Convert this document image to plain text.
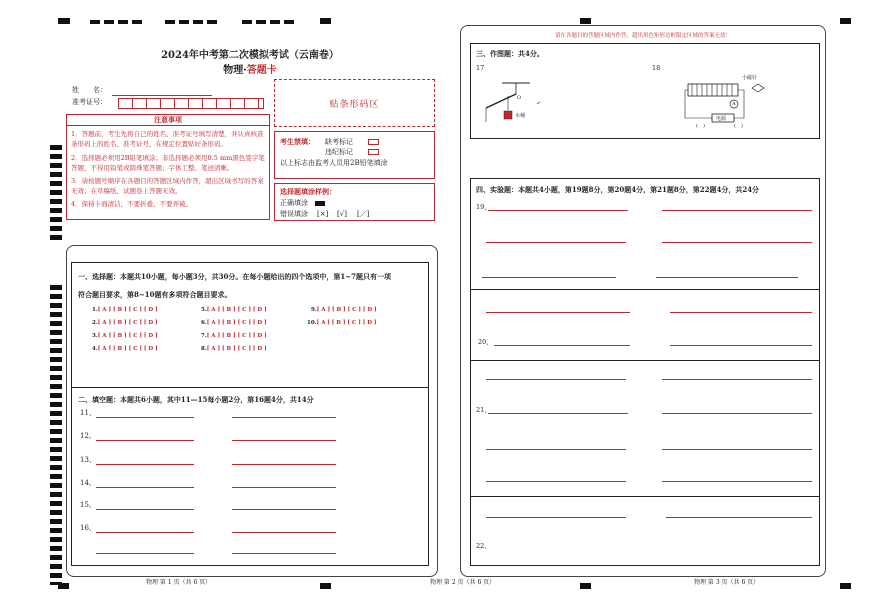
2024年中考第二次模拟考试（云南卷）
物理·答题卡
姓　　名：
准考证号：
注意事项
1．答题前，考生先将自己的姓名、准考证号填写清楚，并认真核准条形码上的姓名、准考证号，在规定位置贴好条形码。
2．选择题必须用2B铅笔填涂；非选择题必须用0.5 mm黑色签字笔答题，不得用铅笔或圆珠笔答题；字体工整、笔迹清晰。
3．请按题号顺序在各题目的答题区域内作答，超出区域书写的答案无效；在草稿纸、试题卷上答题无效。
4．保持卡面清洁，不要折叠、不要弄破。
贴条形码区
考生禁填： 缺考标记
违纪标记
以上标志由监考人员用2B铅笔填涂
选择题填涂样例：
正确填涂
错误填涂 [×] [√] [／]
一、选择题：本题共10小题，每小题3分，共30分。在每小题给出的四个选项中，第1~7题只有一项
符合题目要求，第8~10题有多项符合题目要求。
1.[ A ] [ B ] [ C ] [ D ]
2.[ A ] [ B ] [ C ] [ D ]
3.[ A ] [ B ] [ C ] [ D ]
4.[ A ] [ B ] [ C ] [ D ]
5.[ A ] [ B ] [ C ] [ D ]
6.[ A ] [ B ] [ C ] [ D ]
7.[ A ] [ B ] [ C ] [ D ]
8.[ A ] [ B ] [ C ] [ D ]
9.[ A ] [ B ] [ C ] [ D ]
10.[ A ] [ B ] [ C ] [ D ]
二、填空题：本题共6小题，其中11—15每小题2分，第16题4分，共14分
11、
12、
13、
14、
15、
16、
请在各题目的答题区域内作答，超出黑色矩形边框限定区域的答案无效！
三、作图题：共4分。
17	18
O
水桶
小磁针
A
电源
(　)	(　)
四、实验题：本题共4小题，第19题8分，第20题4分，第21题8分，第22题4分，共24分
19、
20、
21、
22、
物理 第 1 页（共 6 页）	物理 第 2 页（共 6 页）	物理 第 3 页（共 6 页）
